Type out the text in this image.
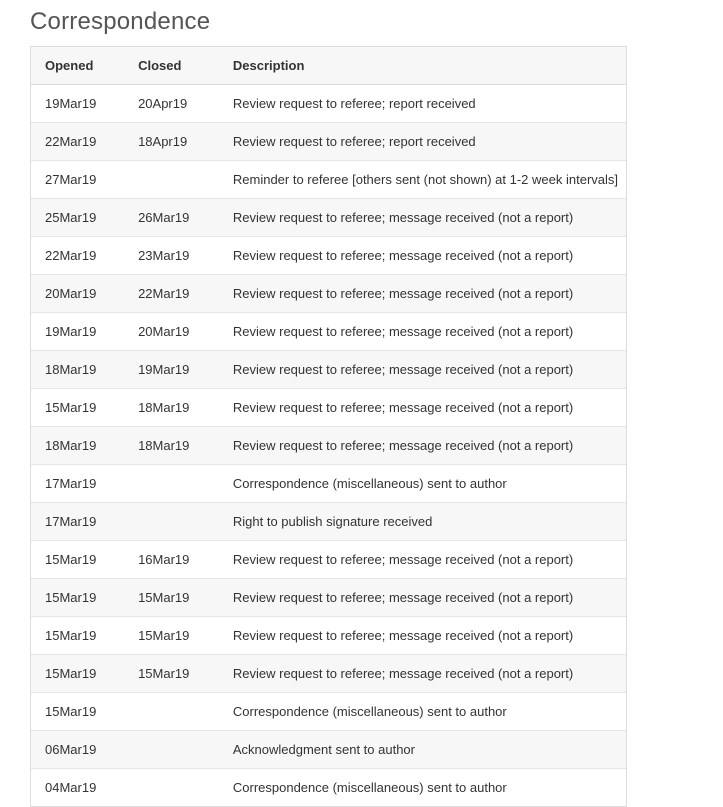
Correspondence
Opened	Closed	Description
19Mar19	20Apr19	Review request to referee; report received
22Mar19	18Apr19	Review request to referee; report received
27Mar19		Reminder to referee [others sent (not shown) at 1-2 week intervals]
25Mar19	26Mar19	Review request to referee; message received (not a report)
22Mar19	23Mar19	Review request to referee; message received (not a report)
20Mar19	22Mar19	Review request to referee; message received (not a report)
19Mar19	20Mar19	Review request to referee; message received (not a report)
18Mar19	19Mar19	Review request to referee; message received (not a report)
15Mar19	18Mar19	Review request to referee; message received (not a report)
18Mar19	18Mar19	Review request to referee; message received (not a report)
17Mar19		Correspondence (miscellaneous) sent to author
17Mar19		Right to publish signature received
15Mar19	16Mar19	Review request to referee; message received (not a report)
15Mar19	15Mar19	Review request to referee; message received (not a report)
15Mar19	15Mar19	Review request to referee; message received (not a report)
15Mar19	15Mar19	Review request to referee; message received (not a report)
15Mar19		Correspondence (miscellaneous) sent to author
06Mar19		Acknowledgment sent to author
04Mar19		Correspondence (miscellaneous) sent to author
